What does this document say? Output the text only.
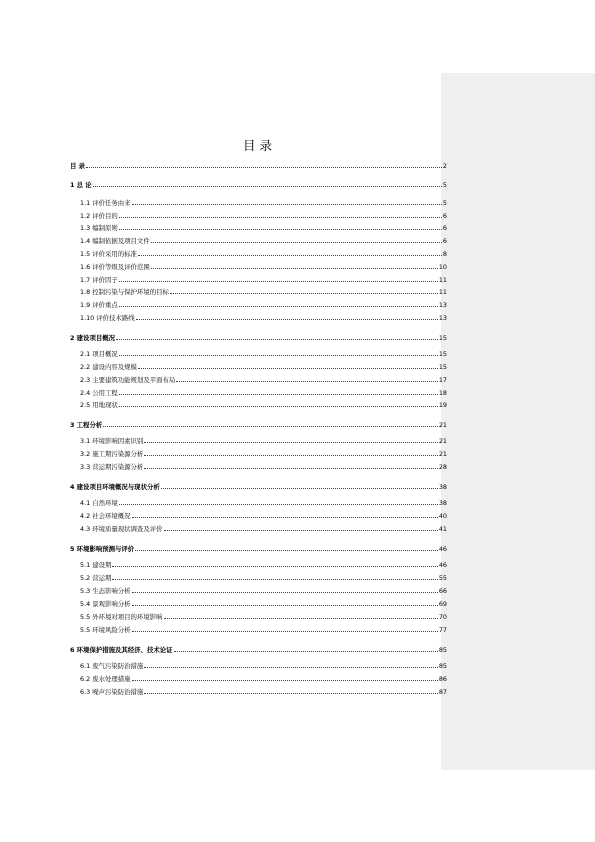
目 录
目 录	2
1 总 论	5
1.1 评价任务由来	5
1.2 评价目的	6
1.3 编制原则	6
1.4 编制依据及项目文件	6
1.5 评价采用的标准	8
1.6 评价等级及评价范围	10
1.7 评价因子	11
1.8 控制污染与保护环境的目标	11
1.9 评价重点	13
1.10 评价技术路线	13
2 建设项目概况	15
2.1 项目概况	15
2.2 建设内容及规模	15
2.3 主要建筑功能规划及平面布局	17
2.4 公用工程	18
2.5 用地现状	19
3 工程分析	21
3.1 环境影响因素识别	21
3.2 施工期污染源分析	21
3.3 营运期污染源分析	28
4 建设项目环境概况与现状分析	38
4.1 自然环境	38
4.2 社会环境概况	40
4.3 环境质量现状调查及评价	41
5 环境影响预测与评价	46
5.1 建设期	46
5.2 营运期	55
5.3 生态影响分析	66
5.4 景观影响分析	69
5.5 外环境对项目的环境影响	70
5.5 环境风险分析	77
6 环境保护措施及其经济、技术论证	85
6.1 废气污染防治措施	85
6.2 废水处理措施	86
6.3 噪声污染防治措施	87
